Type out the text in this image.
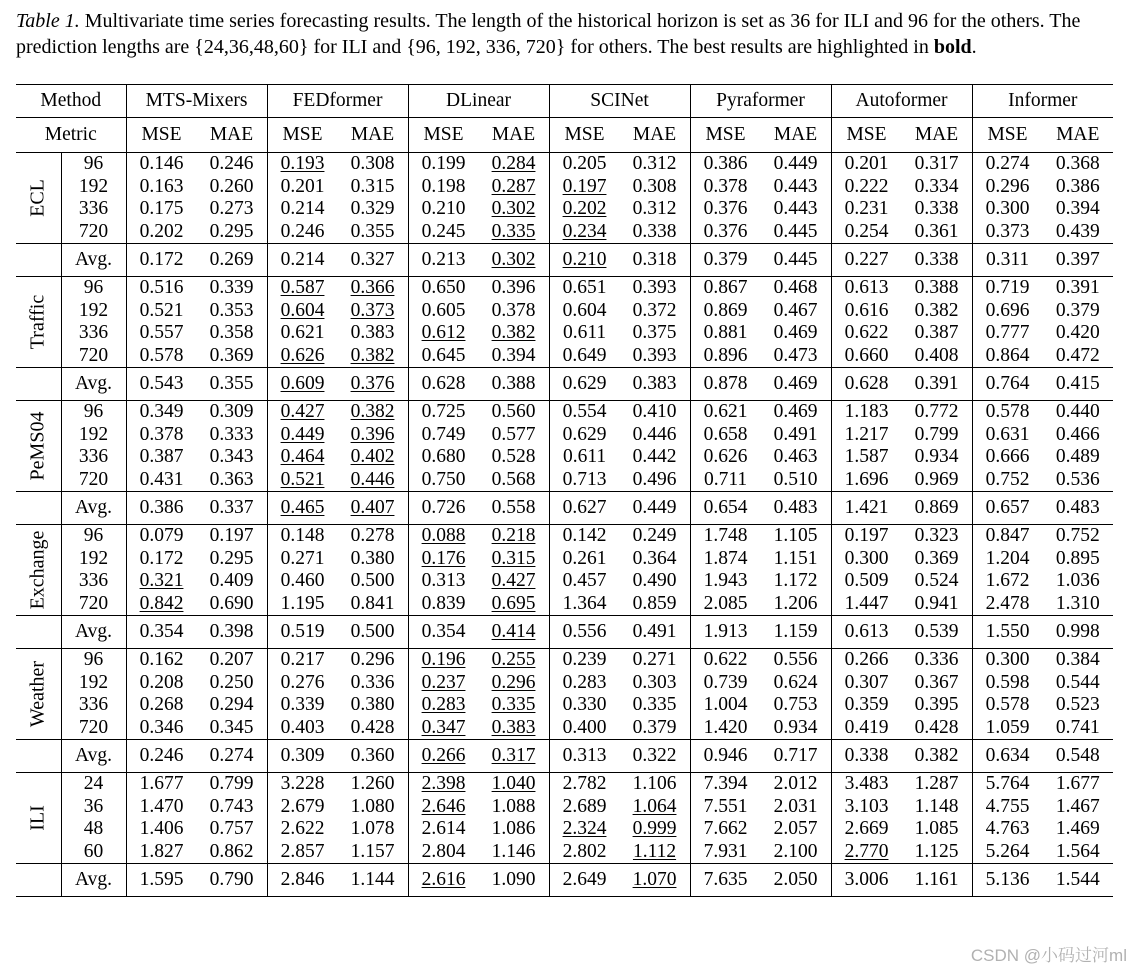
Table 1. Multivariate time series forecasting results. The length of the historical horizon is set as 36 for ILI and 96 for the others. The prediction lengths are {24,36,48,60} for ILI and {96, 192, 336, 720} for others. The best results are highlighted in bold.
Method		MTS-Mixers		FEDformer		DLinear		SCINet		Pyraformer		Autoformer		Informer	
Metric		MSE	MAE	MSE	MAE	MSE	MAE	MSE	MAE	MSE	MAE	MSE	MAE	MSE	MAE

ECL	96	0.146	0.246	0.193	0.308	0.199	0.284	0.205	0.312	0.386	0.449	0.201	0.317	0.274	0.368
	192	0.163	0.260	0.201	0.315	0.198	0.287	0.197	0.308	0.378	0.443	0.222	0.334	0.296	0.386
	336	0.175	0.273	0.214	0.329	0.210	0.302	0.202	0.312	0.376	0.443	0.231	0.338	0.300	0.394
	720	0.202	0.295	0.246	0.355	0.245	0.335	0.234	0.338	0.376	0.445	0.254	0.361	0.373	0.439
	Avg.	0.172	0.269	0.214	0.327	0.213	0.302	0.210	0.318	0.379	0.445	0.227	0.338	0.311	0.397

Traffic	96	0.516	0.339	0.587	0.366	0.650	0.396	0.651	0.393	0.867	0.468	0.613	0.388	0.719	0.391
	192	0.521	0.353	0.604	0.373	0.605	0.378	0.604	0.372	0.869	0.467	0.616	0.382	0.696	0.379
	336	0.557	0.358	0.621	0.383	0.612	0.382	0.611	0.375	0.881	0.469	0.622	0.387	0.777	0.420
	720	0.578	0.369	0.626	0.382	0.645	0.394	0.649	0.393	0.896	0.473	0.660	0.408	0.864	0.472
	Avg.	0.543	0.355	0.609	0.376	0.628	0.388	0.629	0.383	0.878	0.469	0.628	0.391	0.764	0.415

PeMS04	96	0.349	0.309	0.427	0.382	0.725	0.560	0.554	0.410	0.621	0.469	1.183	0.772	0.578	0.440
	192	0.378	0.333	0.449	0.396	0.749	0.577	0.629	0.446	0.658	0.491	1.217	0.799	0.631	0.466
	336	0.387	0.343	0.464	0.402	0.680	0.528	0.611	0.442	0.626	0.463	1.587	0.934	0.666	0.489
	720	0.431	0.363	0.521	0.446	0.750	0.568	0.713	0.496	0.711	0.510	1.696	0.969	0.752	0.536
	Avg.	0.386	0.337	0.465	0.407	0.726	0.558	0.627	0.449	0.654	0.483	1.421	0.869	0.657	0.483

Exchange	96	0.079	0.197	0.148	0.278	0.088	0.218	0.142	0.249	1.748	1.105	0.197	0.323	0.847	0.752
	192	0.172	0.295	0.271	0.380	0.176	0.315	0.261	0.364	1.874	1.151	0.300	0.369	1.204	0.895
	336	0.321	0.409	0.460	0.500	0.313	0.427	0.457	0.490	1.943	1.172	0.509	0.524	1.672	1.036
	720	0.842	0.690	1.195	0.841	0.839	0.695	1.364	0.859	2.085	1.206	1.447	0.941	2.478	1.310
	Avg.	0.354	0.398	0.519	0.500	0.354	0.414	0.556	0.491	1.913	1.159	0.613	0.539	1.550	0.998

Weather	96	0.162	0.207	0.217	0.296	0.196	0.255	0.239	0.271	0.622	0.556	0.266	0.336	0.300	0.384
	192	0.208	0.250	0.276	0.336	0.237	0.296	0.283	0.303	0.739	0.624	0.307	0.367	0.598	0.544
	336	0.268	0.294	0.339	0.380	0.283	0.335	0.330	0.335	1.004	0.753	0.359	0.395	0.578	0.523
	720	0.346	0.345	0.403	0.428	0.347	0.383	0.400	0.379	1.420	0.934	0.419	0.428	1.059	0.741
	Avg.	0.246	0.274	0.309	0.360	0.266	0.317	0.313	0.322	0.946	0.717	0.338	0.382	0.634	0.548

ILI	24	1.677	0.799	3.228	1.260	2.398	1.040	2.782	1.106	7.394	2.012	3.483	1.287	5.764	1.677
	36	1.470	0.743	2.679	1.080	2.646	1.088	2.689	1.064	7.551	2.031	3.103	1.148	4.755	1.467
	48	1.406	0.757	2.622	1.078	2.614	1.086	2.324	0.999	7.662	2.057	2.669	1.085	4.763	1.469
	60	1.827	0.862	2.857	1.157	2.804	1.146	2.802	1.112	7.931	2.100	2.770	1.125	5.264	1.564
	Avg.	1.595	0.790	2.846	1.144	2.616	1.090	2.649	1.070	7.635	2.050	3.006	1.161	5.136	1.544
CSDN @小码过河ml
